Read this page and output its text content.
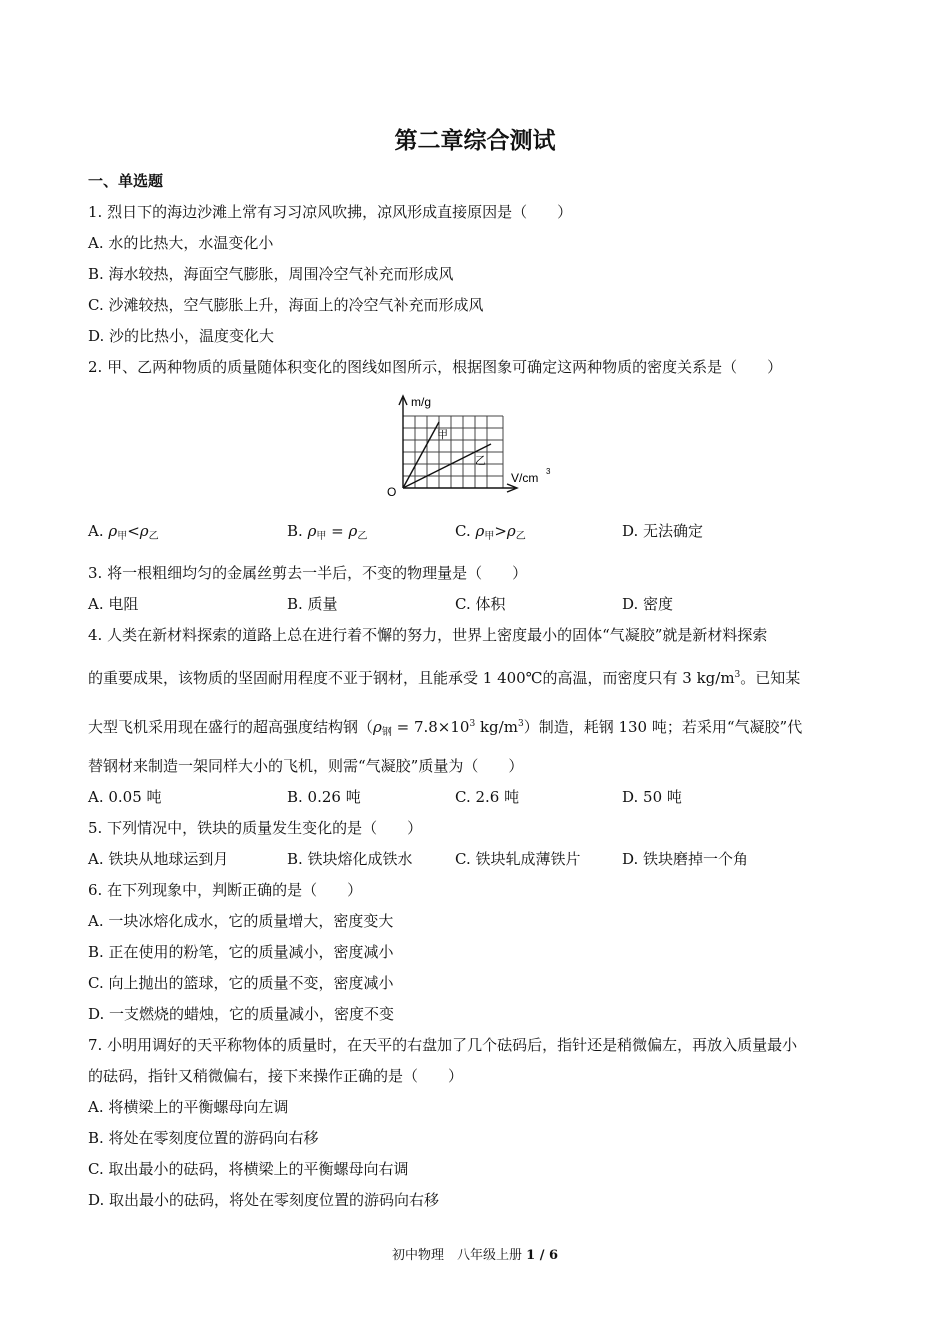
第二章综合测试
一、单选题
1. 烈日下的海边沙滩上常有习习凉风吹拂，凉风形成直接原因是（　　）
A. 水的比热大，水温变化小
B. 海水较热，海面空气膨胀，周围冷空气补充而形成风
C. 沙滩较热，空气膨胀上升，海面上的冷空气补充而形成风
D. 沙的比热小，温度变化大
2. 甲、乙两种物质的质量随体积变化的图线如图所示，根据图象可确定这两种物质的密度关系是（　　）
m/g
V/cm 3
O
甲
乙
A. $\rho_甲<\rho_乙$	B. $\rho_甲 = \rho_乙$	C. $\rho_甲>\rho_乙$	D. 无法确定
3. 将一根粗细均匀的金属丝剪去一半后，不变的物理量是（　　）
A. 电阻	B. 质量	C. 体积	D. 密度
4. 人类在新材料探索的道路上总在进行着不懈的努力，世界上密度最小的固体“气凝胶”就是新材料探索
的重要成果，该物质的坚固耐用程度不亚于钢材，且能承受 1 400℃的高温，而密度只有 3 $kg/m^3$。已知某
大型飞机采用现在盛行的超高强度结构钢（$\rho_钢 = 7.8\times 10^3$ $kg/m^3$）制造，耗钢 130 吨；若采用“气凝胶”代
替钢材来制造一架同样大小的飞机，则需“气凝胶”质量为（　　）
A. 0.05 吨	B. 0.26 吨	C. 2.6 吨	D. 50 吨
5. 下列情况中，铁块的质量发生变化的是（　　）
A. 铁块从地球运到月	B. 铁块熔化成铁水	C. 铁块轧成薄铁片	D. 铁块磨掉一个角
6. 在下列现象中，判断正确的是（　　）
A. 一块冰熔化成水，它的质量增大，密度变大
B. 正在使用的粉笔，它的质量减小，密度减小
C. 向上抛出的篮球，它的质量不变，密度减小
D. 一支燃烧的蜡烛，它的质量减小，密度不变
7. 小明用调好的天平称物体的质量时，在天平的右盘加了几个砝码后，指针还是稍微偏左，再放入质量最小
的砝码，指针又稍微偏右，接下来操作正确的是（　　）
A. 将横梁上的平衡螺母向左调
B. 将处在零刻度位置的游码向右移
C. 取出最小的砝码，将横梁上的平衡螺母向右调
D. 取出最小的砝码，将处在零刻度位置的游码向右移
初中物理　八年级上册 1 / 6
